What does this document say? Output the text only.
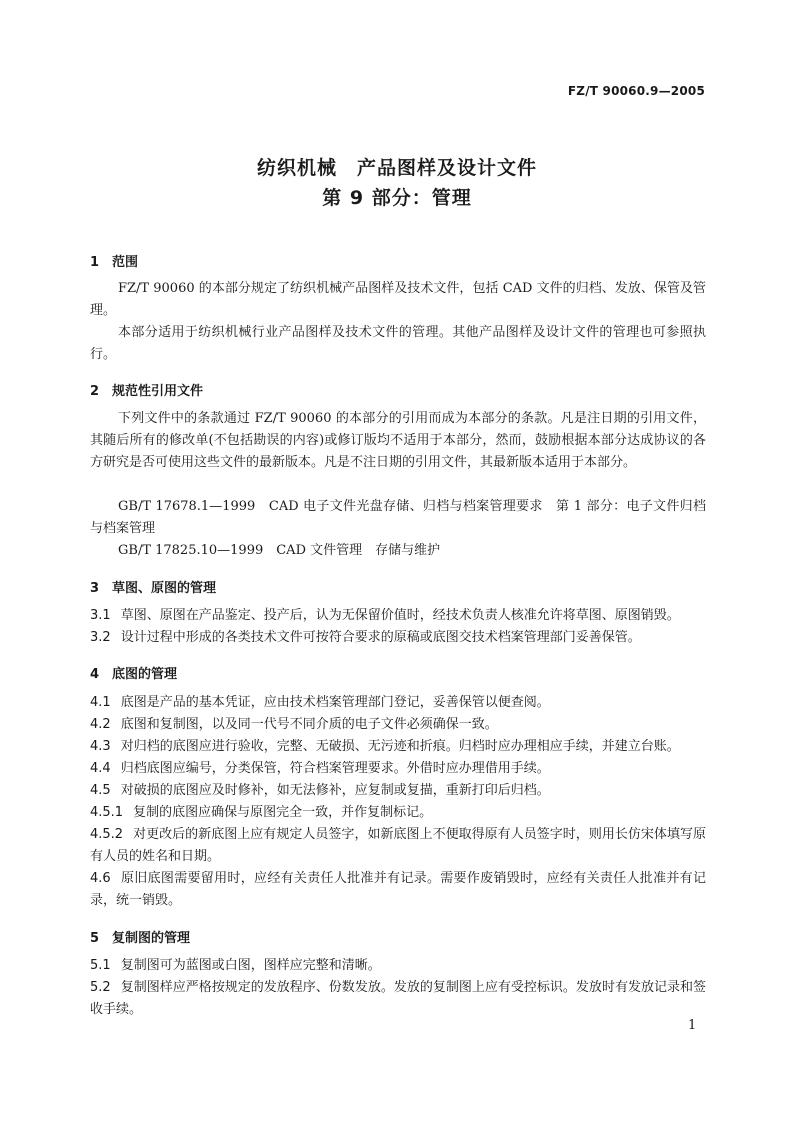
FZ/T 90060.9—2005
纺织机械　产品图样及设计文件
第 9 部分：管理
1 范围
FZ/T 90060 的本部分规定了纺织机械产品图样及技术文件，包括 CAD 文件的归档、发放、保管及管理。
本部分适用于纺织机械行业产品图样及技术文件的管理。其他产品图样及设计文件的管理也可参照执行。
2 规范性引用文件
下列文件中的条款通过 FZ/T 90060 的本部分的引用而成为本部分的条款。凡是注日期的引用文件，其随后所有的修改单(不包括勘误的内容)或修订版均不适用于本部分，然而，鼓励根据本部分达成协议的各方研究是否可使用这些文件的最新版本。凡是不注日期的引用文件，其最新版本适用于本部分。
GB/T 17678.1—1999　CAD 电子文件光盘存储、归档与档案管理要求　第 1 部分：电子文件归档与档案管理
GB/T 17825.10—1999　CAD 文件管理　存储与维护
3 草图、原图的管理
3.1 草图、原图在产品鉴定、投产后，认为无保留价值时，经技术负责人核准允许将草图、原图销毁。
3.2 设计过程中形成的各类技术文件可按符合要求的原稿或底图交技术档案管理部门妥善保管。
4 底图的管理
4.1 底图是产品的基本凭证，应由技术档案管理部门登记，妥善保管以便查阅。
4.2 底图和复制图，以及同一代号不同介质的电子文件必须确保一致。
4.3 对归档的底图应进行验收，完整、无破损、无污迹和折痕。归档时应办理相应手续，并建立台账。
4.4 归档底图应编号，分类保管，符合档案管理要求。外借时应办理借用手续。
4.5 对破损的底图应及时修补，如无法修补，应复制或复描，重新打印后归档。
4.5.1 复制的底图应确保与原图完全一致，并作复制标记。
4.5.2 对更改后的新底图上应有规定人员签字，如新底图上不便取得原有人员签字时，则用长仿宋体填写原有人员的姓名和日期。
4.6 原旧底图需要留用时，应经有关责任人批准并有记录。需要作废销毁时，应经有关责任人批准并有记录，统一销毁。
5 复制图的管理
5.1 复制图可为蓝图或白图，图样应完整和清晰。
5.2 复制图样应严格按规定的发放程序、份数发放。发放的复制图上应有受控标识。发放时有发放记录和签收手续。
1
